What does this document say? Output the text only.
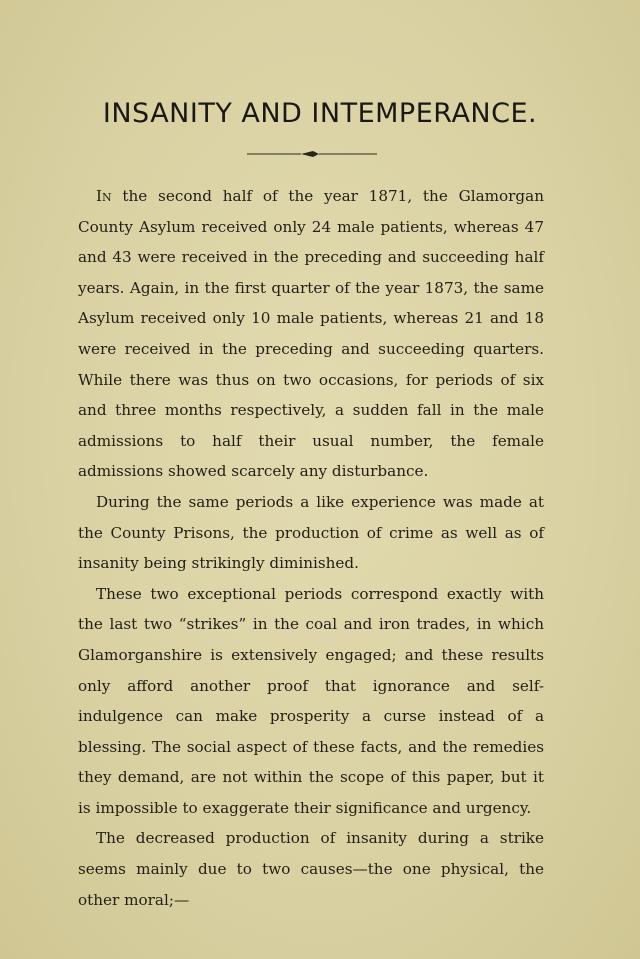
INSANITY AND INTEMPERANCE.

In the second half of the year 1871, the Glamorgan County Asylum received only 24 male patients, whereas 47 and 43 were received in the preceding and succeeding half years. Again, in the first quarter of the year 1873, the same Asylum received only 10 male patients, whereas 21 and 18 were received in the preceding and succeeding quarters. While there was thus on two occasions, for periods of six and three months respectively, a sudden fall in the male admissions to half their usual number, the female admissions showed scarcely any disturbance.

During the same periods a like experience was made at the County Prisons, the production of crime as well as of insanity being strikingly diminished.

These two exceptional periods correspond exactly with the last two “strikes” in the coal and iron trades, in which Glamorganshire is extensively engaged; and these results only afford another proof that ignorance and self-indulgence can make prosperity a curse instead of a blessing. The social aspect of these facts, and the remedies they demand, are not within the scope of this paper, but it is impossible to exaggerate their significance and urgency.

The decreased production of insanity during a strike seems mainly due to two causes—the one physical, the other moral;—
